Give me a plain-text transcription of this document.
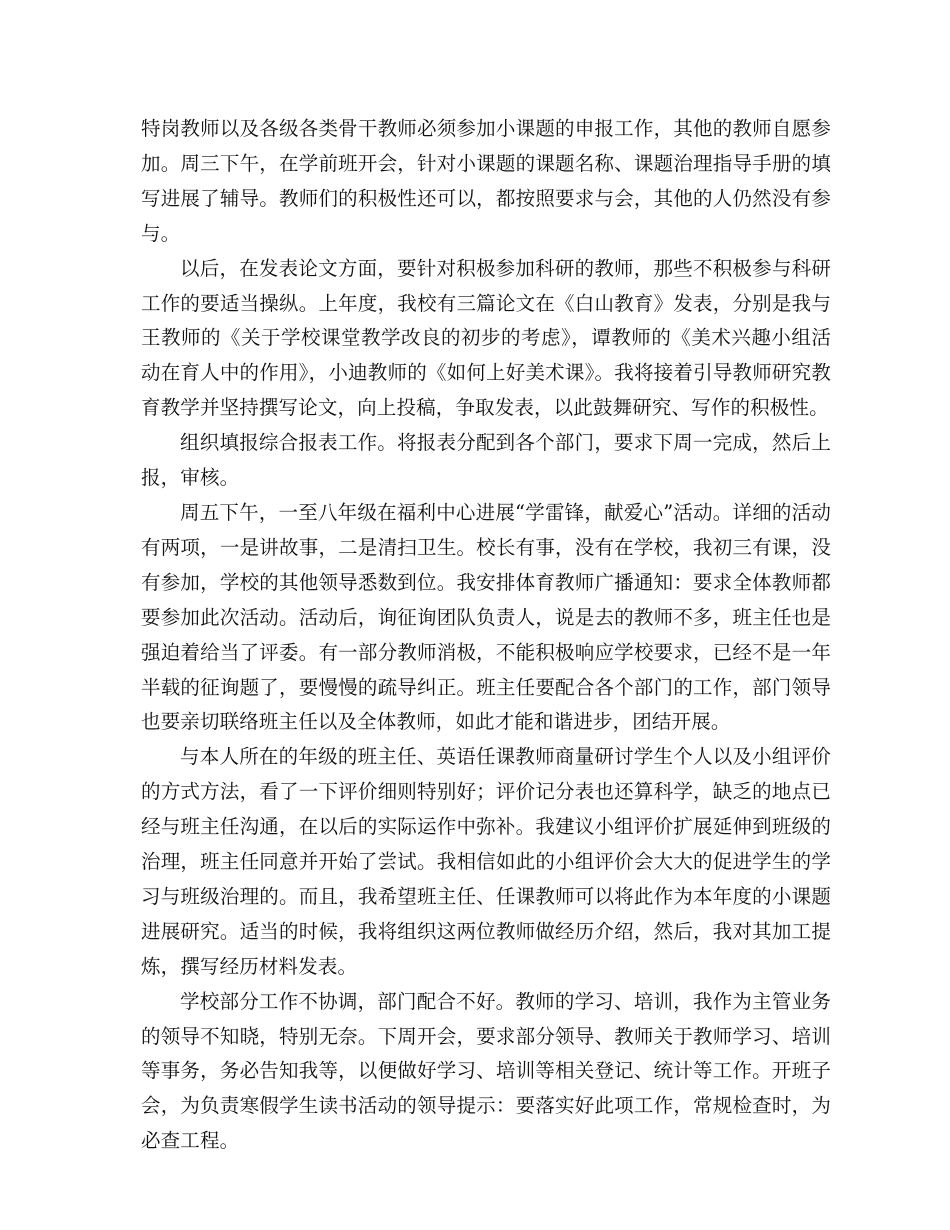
特岗教师以及各级各类骨干教师必须参加小课题的申报工作，其他的教师自愿参加。周三下午，在学前班开会，针对小课题的课题名称、课题治理指导手册的填写进展了辅导。教师们的积极性还可以，都按照要求与会，其他的人仍然没有参与。

以后，在发表论文方面，要针对积极参加科研的教师，那些不积极参与科研工作的要适当操纵。上年度，我校有三篇论文在《白山教育》发表，分别是我与王教师的《关于学校课堂教学改良的初步的考虑》，谭教师的《美术兴趣小组活动在育人中的作用》，小迪教师的《如何上好美术课》。我将接着引导教师研究教育教学并坚持撰写论文，向上投稿，争取发表，以此鼓舞研究、写作的积极性。

组织填报综合报表工作。将报表分配到各个部门，要求下周一完成，然后上报，审核。

周五下午，一至八年级在福利中心进展“学雷锋，献爱心”活动。详细的活动有两项，一是讲故事，二是清扫卫生。校长有事，没有在学校，我初三有课，没有参加，学校的其他领导悉数到位。我安排体育教师广播通知：要求全体教师都要参加此次活动。活动后，询征询团队负责人，说是去的教师不多，班主任也是强迫着给当了评委。有一部分教师消极，不能积极响应学校要求，已经不是一年半载的征询题了，要慢慢的疏导纠正。班主任要配合各个部门的工作，部门领导也要亲切联络班主任以及全体教师，如此才能和谐进步，团结开展。

与本人所在的年级的班主任、英语任课教师商量研讨学生个人以及小组评价的方式方法，看了一下评价细则特别好；评价记分表也还算科学，缺乏的地点已经与班主任沟通，在以后的实际运作中弥补。我建议小组评价扩展延伸到班级的治理，班主任同意并开始了尝试。我相信如此的小组评价会大大的促进学生的学习与班级治理的。而且，我希望班主任、任课教师可以将此作为本年度的小课题进展研究。适当的时候，我将组织这两位教师做经历介绍，然后，我对其加工提炼，撰写经历材料发表。

学校部分工作不协调，部门配合不好。教师的学习、培训，我作为主管业务的领导不知晓，特别无奈。下周开会，要求部分领导、教师关于教师学习、培训等事务，务必告知我等，以便做好学习、培训等相关登记、统计等工作。开班子会，为负责寒假学生读书活动的领导提示：要落实好此项工作，常规检查时，为必查工程。
